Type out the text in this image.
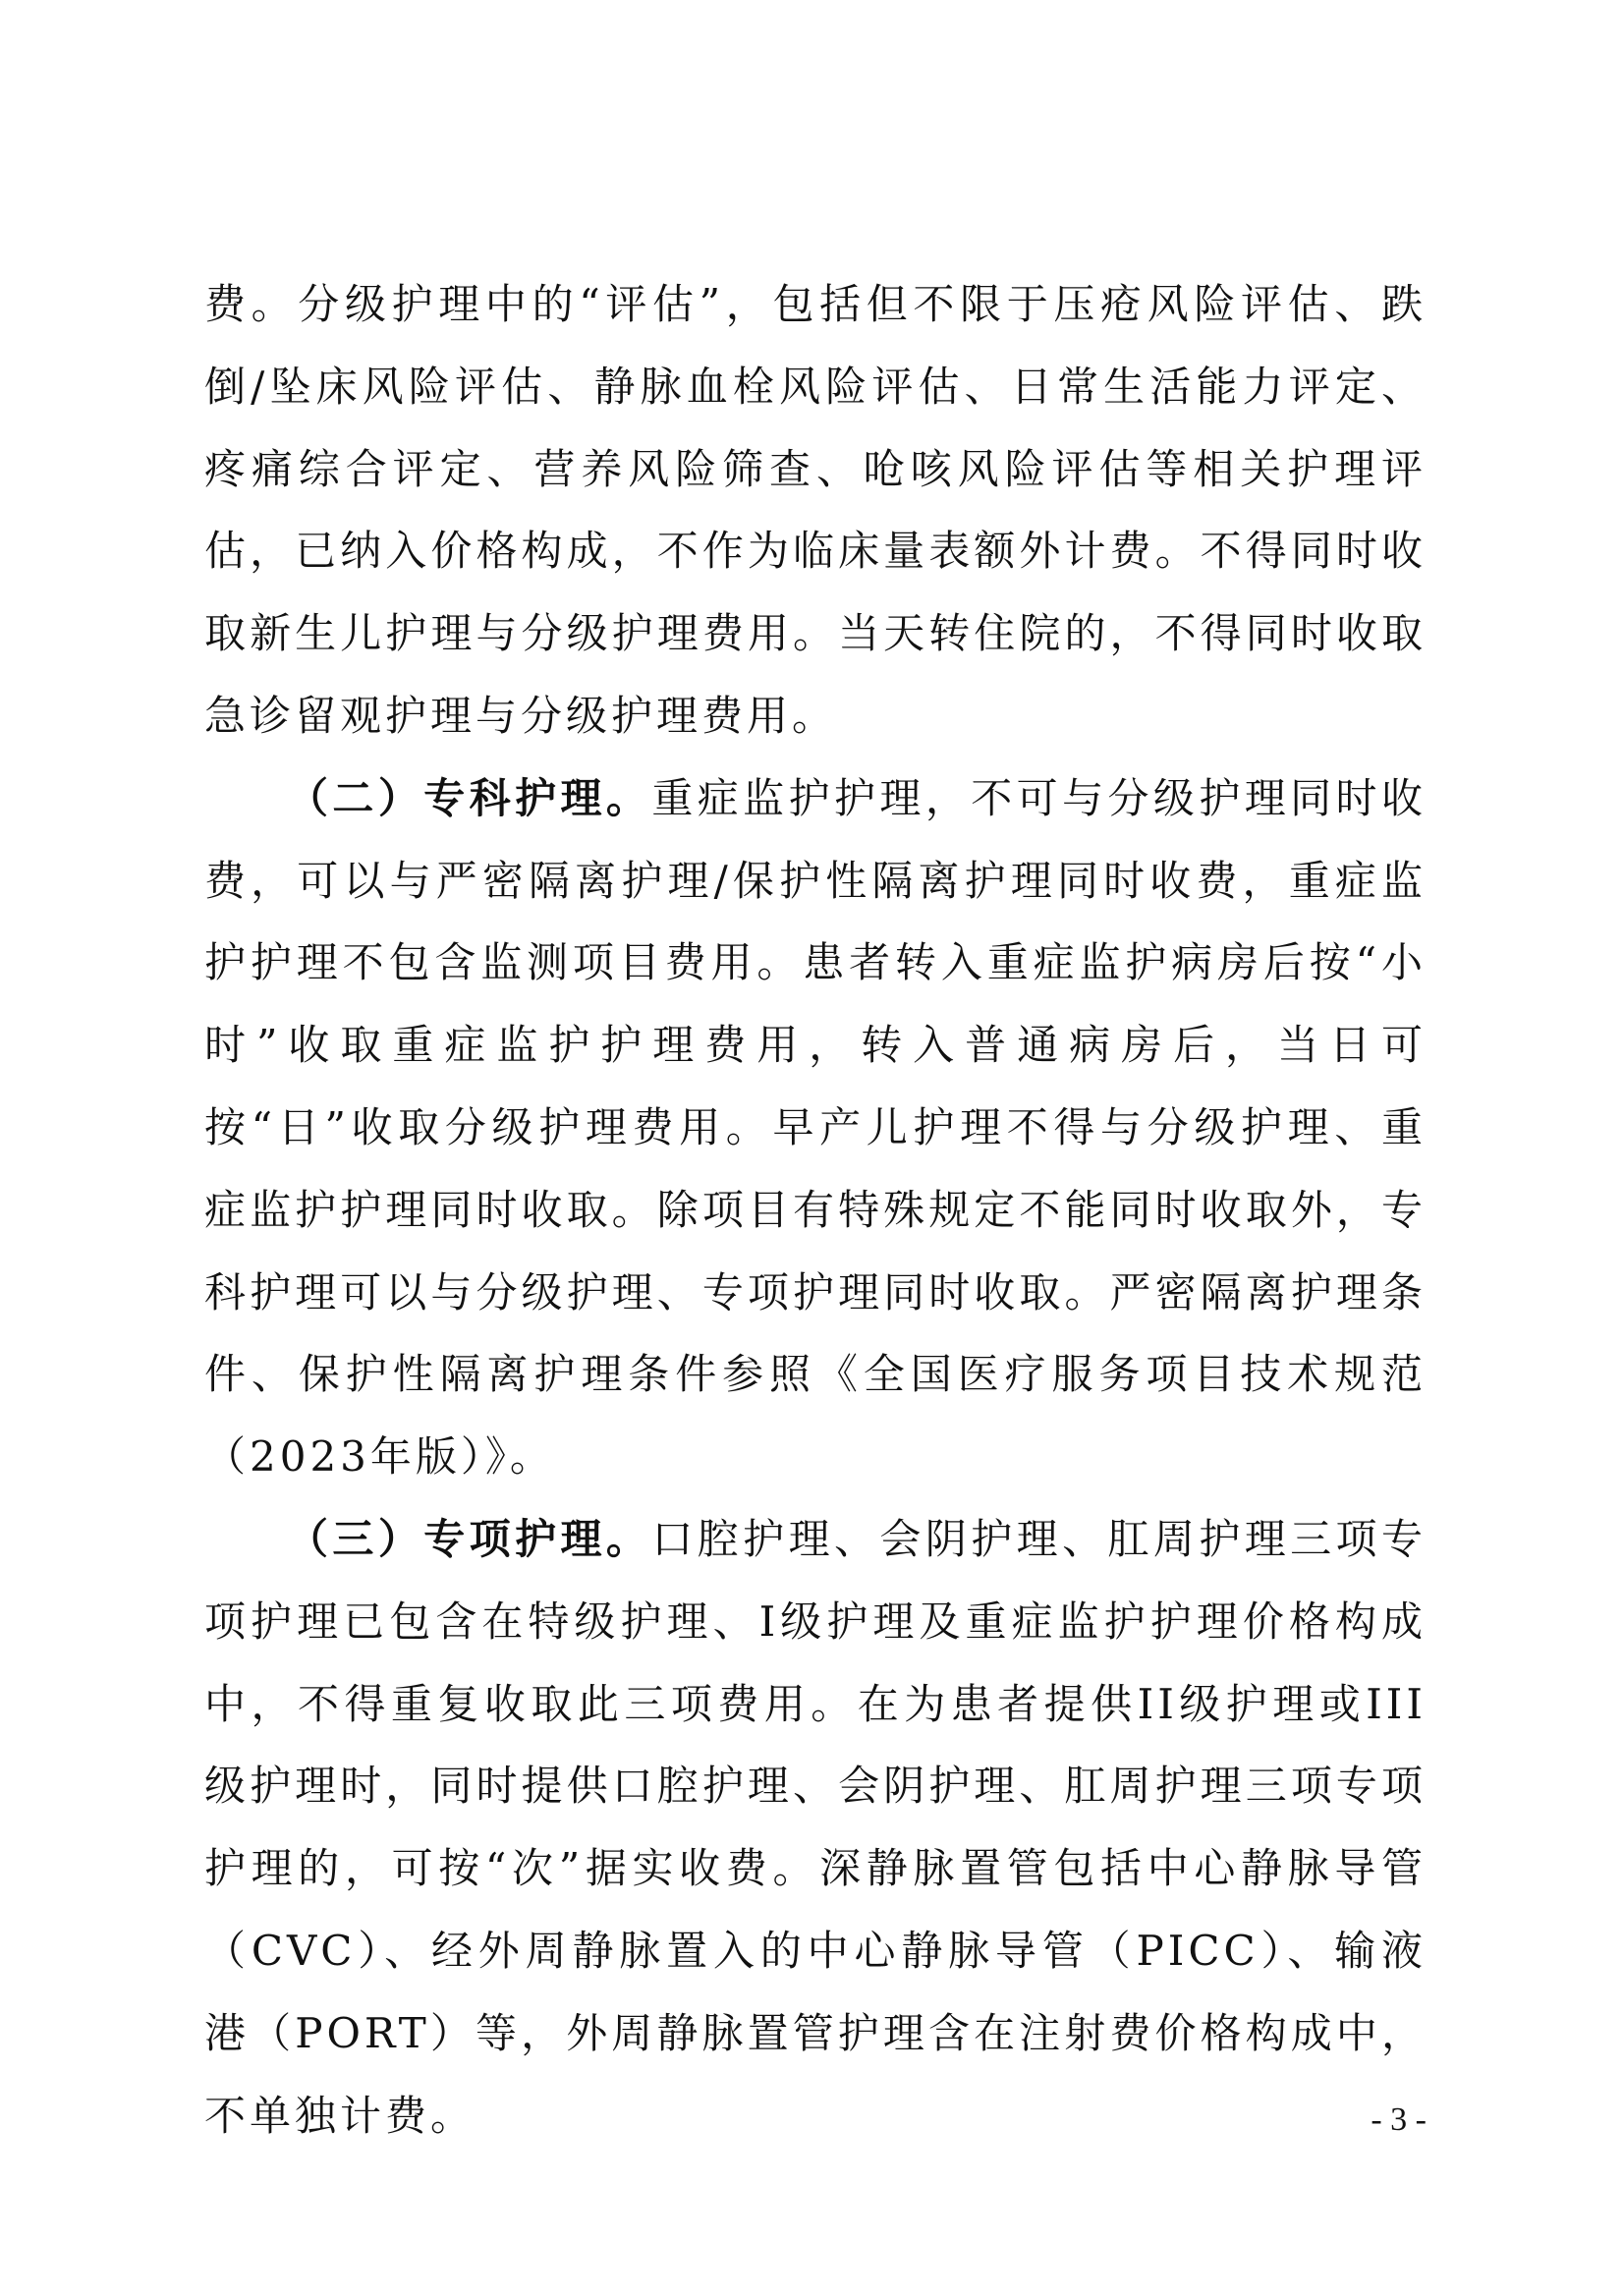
费。分级护理中的“评估”，包括但不限于压疮风险评估、跌倒/坠床风险评估、静脉血栓风险评估、日常生活能力评定、疼痛综合评定、营养风险筛查、呛咳风险评估等相关护理评估，已纳入价格构成，不作为临床量表额外计费。不得同时收取新生儿护理与分级护理费用。当天转住院的，不得同时收取急诊留观护理与分级护理费用。

（二）专科护理。重症监护护理，不可与分级护理同时收费，可以与严密隔离护理/保护性隔离护理同时收费，重症监护护理不包含监测项目费用。患者转入重症监护病房后按“小时”收取重症监护护理费用，转入普通病房后，当日可按“日”收取分级护理费用。早产儿护理不得与分级护理、重症监护护理同时收取。除项目有特殊规定不能同时收取外，专科护理可以与分级护理、专项护理同时收取。严密隔离护理条件、保护性隔离护理条件参照《全国医疗服务项目技术规范（2023年版）》。

（三）专项护理。口腔护理、会阴护理、肛周护理三项专项护理已包含在特级护理、I级护理及重症监护护理价格构成中，不得重复收取此三项费用。在为患者提供II级护理或III级护理时，同时提供口腔护理、会阴护理、肛周护理三项专项护理的，可按“次”据实收费。深静脉置管包括中心静脉导管（CVC）、经外周静脉置入的中心静脉导管（PICC）、输液港（PORT）等，外周静脉置管护理含在注射费价格构成中，不单独计费。	- 3 -
